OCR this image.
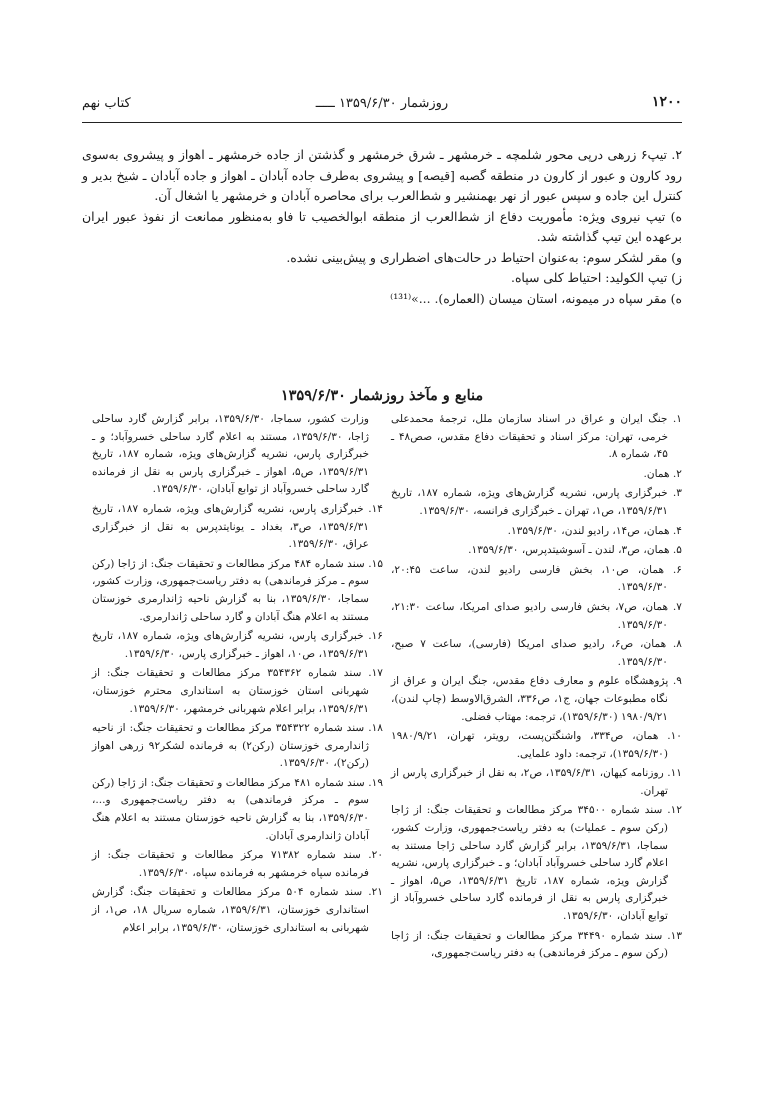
۱۲۰۰
روزشمار ۱۳۵۹/۶/۳۰ ـــــ
کتاب نهم

۲. تیپ۶ زرهی درپی محور شلمچه ـ خرمشهر ـ شرق خرمشهر و گذشتن از جاده خرمشهر ـ اهواز و پیشروی به‌سوی رود کارون و عبور از کارون در منطقه گصبه [قیصه] و پیشروی به‌طرف جاده آبادان ـ اهواز و جاده آبادان ـ شیخ بدیر و کنترل این جاده و سپس عبور از نهر بهمنشیر و شط‌العرب برای محاصره آبادان و خرمشهر یا اشغال آن.

ه) تیپ نیروی ویژه: مأموریت دفاع از شط‌العرب از منطقه ابوالخصیب تا فاو به‌منظور ممانعت از نفوذ عبور ایران برعهده این تیپ گذاشته شد.

و) مقر لشکر سوم: به‌عنوان احتیاط در حالت‌های اضطراری و پیش‌بینی نشده.

ز) تیپ الکولید: احتیاط کلی سپاه.

ه) مقر سپاه در میمونه، استان میسان (العماره). ...»⁽¹³¹⁾

منابع و مآخذ روزشمار ۱۳۵۹/۶/۳۰

۱. جنگ ایران و عراق در اسناد سازمان ملل، ترجمهٔ محمدعلی خرمی، تهران: مرکز اسناد و تحقیقات دفاع مقدس، صص۴۸ ـ ۴۵، شماره ۸.

۲. همان.

۳. خبرگزاری پارس، نشریه گزارش‌های ویژه، شماره ۱۸۷، تاریخ ۱۳۵۹/۶/۳۱، ص۱، تهران ـ خبرگزاری فرانسه، ۱۳۵۹/۶/۳۰.

۴. همان، ص۱۴، رادیو لندن، ۱۳۵۹/۶/۳۰.

۵. همان، ص۳، لندن ـ آسوشیتدپرس، ۱۳۵۹/۶/۳۰.

۶. همان، ص۱۰، بخش فارسی رادیو لندن، ساعت ۲۰:۴۵، ۱۳۵۹/۶/۳۰.

۷. همان، ص۷، بخش فارسی رادیو صدای امریکا، ساعت ۲۱:۳۰، ۱۳۵۹/۶/۳۰.

۸. همان، ص۶، رادیو صدای امریکا (فارسی)، ساعت ۷ صبح، ۱۳۵۹/۶/۳۰.

۹. پژوهشگاه علوم و معارف دفاع مقدس، جنگ ایران و عراق از نگاه مطبوعات جهان، ج۱، ص۳۳۶، الشرق‌الاوسط (چاپ لندن)، ۱۹۸۰/۹/۲۱ (۱۳۵۹/۶/۳۰)، ترجمه: مهتاب فضلی.

۱۰. همان، ص۳۳۴، واشنگتن‌پست، رویتر، تهران، ۱۹۸۰/۹/۲۱ (۱۳۵۹/۶/۳۰)، ترجمه: داود علمایی.

۱۱. روزنامه کیهان، ۱۳۵۹/۶/۳۱، ص۲، به نقل از خبرگزاری پارس از تهران.

۱۲. سند شماره ۳۴۵۰۰ مرکز مطالعات و تحقیقات جنگ: از ژاجا (رکن سوم ـ عملیات) به دفتر ریاست‌جمهوری، وزارت کشور، سماجا، ۱۳۵۹/۶/۳۱، برابر گزارش گارد ساحلی ژاجا مستند به اعلام گارد ساحلی خسروآباد آبادان؛ و ـ خبرگزاری پارس، نشریه گزارش ویژه، شماره ۱۸۷، تاریخ ۱۳۵۹/۶/۳۱، ص۵، اهواز ـ خبرگزاری پارس به نقل از فرمانده گارد ساحلی خسروآباد از توابع آبادان، ۱۳۵۹/۶/۳۰.

۱۳. سند شماره ۳۴۴۹۰ مرکز مطالعات و تحقیقات جنگ: از ژاجا (رکن سوم ـ مرکز فرماندهی) به دفتر ریاست‌جمهوری،

وزارت کشور، سماجا، ۱۳۵۹/۶/۳۰، برابر گزارش گارد ساحلی ژاجا، ۱۳۵۹/۶/۳۰، مستند به اعلام گارد ساحلی خسروآباد؛ و ـ خبرگزاری پارس، نشریه گزارش‌های ویژه، شماره ۱۸۷، تاریخ ۱۳۵۹/۶/۳۱، ص۵، اهواز ـ خبرگزاری پارس به نقل از فرمانده گارد ساحلی خسروآباد از توابع آبادان، ۱۳۵۹/۶/۳۰.

۱۴. خبرگزاری پارس، نشریه گزارش‌های ویژه، شماره ۱۸۷، تاریخ ۱۳۵۹/۶/۳۱، ص۳، بغداد ـ یونایتدپرس به نقل از خبرگزاری عراق، ۱۳۵۹/۶/۳۰.

۱۵. سند شماره ۴۸۴ مرکز مطالعات و تحقیقات جنگ: از ژاجا (رکن سوم ـ مرکز فرماندهی) به دفتر ریاست‌جمهوری، وزارت کشور، سماجا، ۱۳۵۹/۶/۳۰، بنا به گزارش ناحیه ژاندارمری خوزستان مستند به اعلام هنگ آبادان و گارد ساحلی ژاندارمری.

۱۶. خبرگزاری پارس، نشریه گزارش‌های ویژه، شماره ۱۸۷، تاریخ ۱۳۵۹/۶/۳۱، ص۱۰، اهواز ـ خبرگزاری پارس، ۱۳۵۹/۶/۳۰.

۱۷. سند شماره ۳۵۴۳۶۲ مرکز مطالعات و تحقیقات جنگ: از شهربانی استان خوزستان به استانداری محترم خوزستان، ۱۳۵۹/۶/۳۱، برابر اعلام شهربانی خرمشهر، ۱۳۵۹/۶/۳۰.

۱۸. سند شماره ۳۵۴۳۲۲ مرکز مطالعات و تحقیقات جنگ: از ناحیه ژاندارمری خوزستان (رکن۲) به فرمانده لشکر۹۲ زرهی اهواز (رکن۲)، ۱۳۵۹/۶/۳۰.

۱۹. سند شماره ۴۸۱ مرکز مطالعات و تحقیقات جنگ: از ژاجا (رکن سوم ـ مرکز فرماندهی) به دفتر ریاست‌جمهوری و...، ۱۳۵۹/۶/۳۰، بنا به گزارش ناحیه خوزستان مستند به اعلام هنگ آبادان ژاندارمری آبادان.

۲۰. سند شماره ۷۱۳۸۲ مرکز مطالعات و تحقیقات جنگ: از فرمانده سپاه خرمشهر به فرمانده سپاه، ۱۳۵۹/۶/۳۰.

۲۱. سند شماره ۵۰۴ مرکز مطالعات و تحقیقات جنگ: گزارش استانداری خوزستان، ۱۳۵۹/۶/۳۱، شماره سریال ۱۸، ص۱، از شهربانی به استانداری خوزستان، ۱۳۵۹/۶/۳۰، برابر اعلام
